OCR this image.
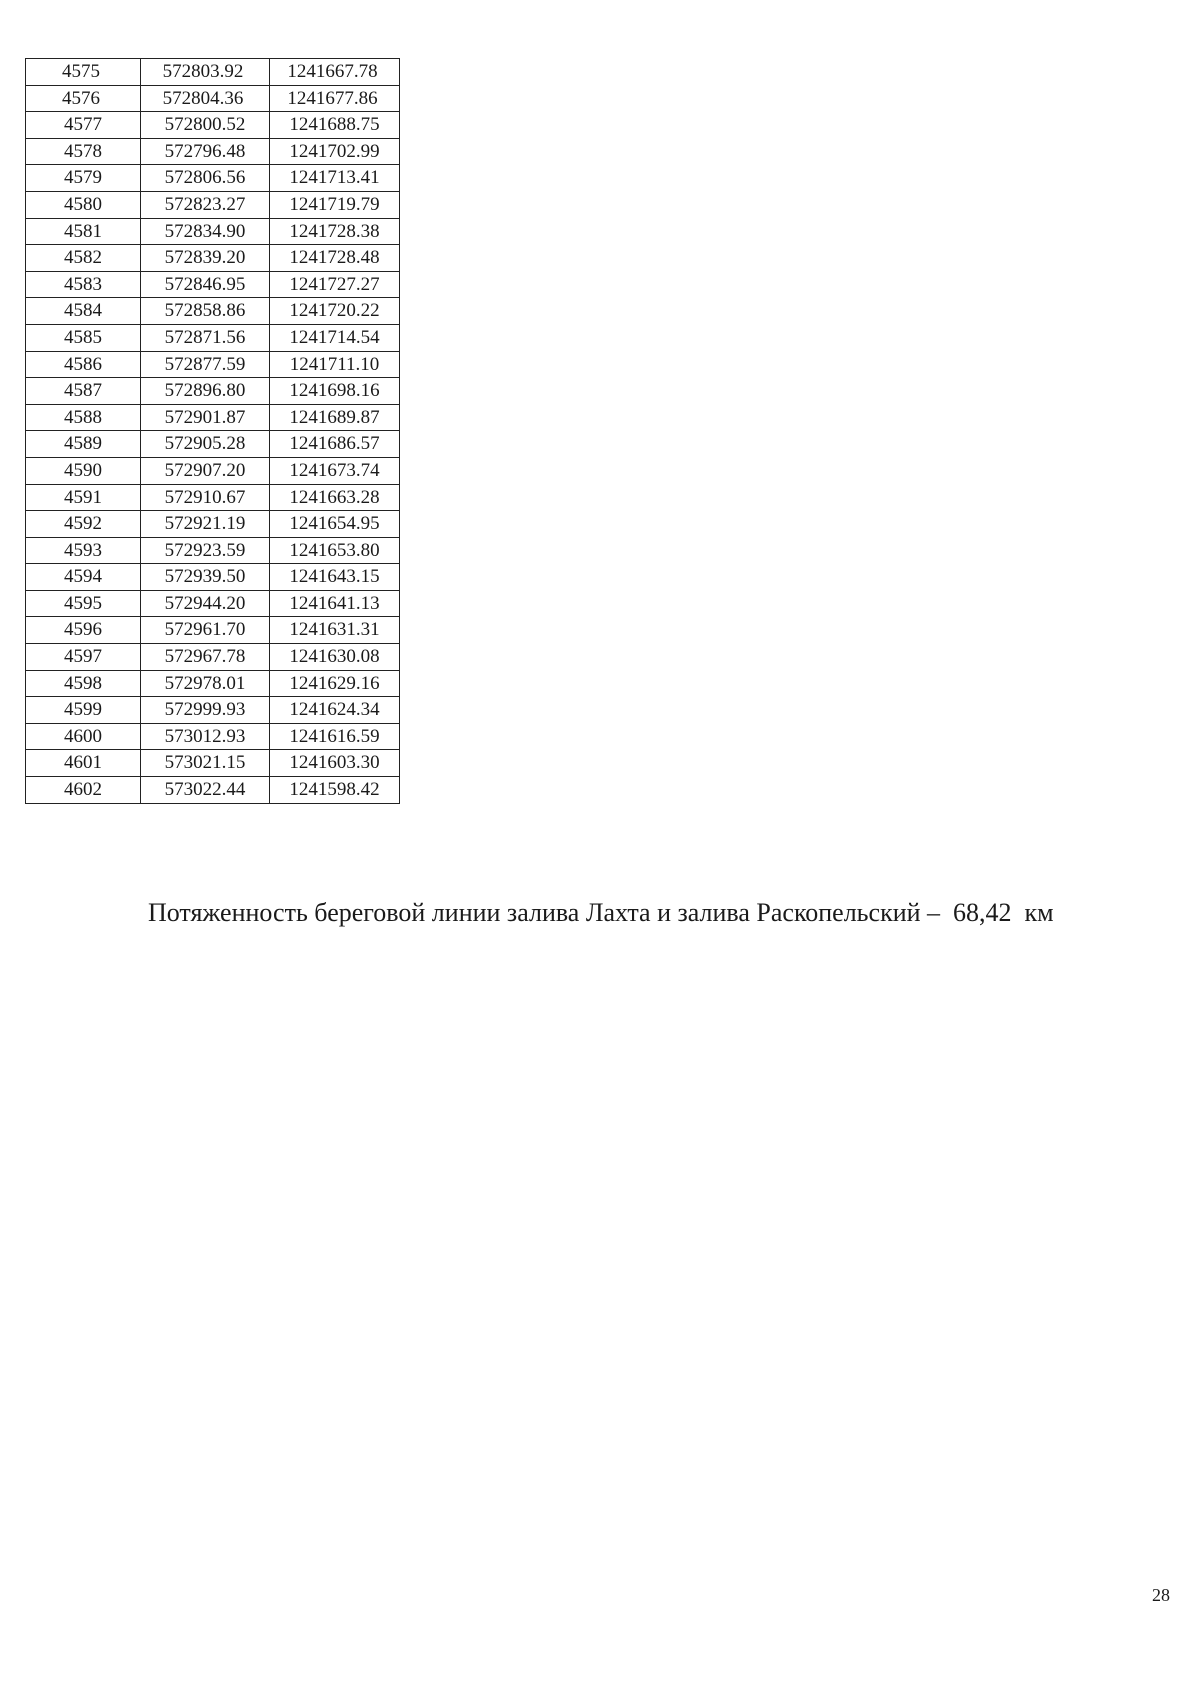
4575	572803.92	1241667.78
4576	572804.36	1241677.86
4577	572800.52	1241688.75
4578	572796.48	1241702.99
4579	572806.56	1241713.41
4580	572823.27	1241719.79
4581	572834.90	1241728.38
4582	572839.20	1241728.48
4583	572846.95	1241727.27
4584	572858.86	1241720.22
4585	572871.56	1241714.54
4586	572877.59	1241711.10
4587	572896.80	1241698.16
4588	572901.87	1241689.87
4589	572905.28	1241686.57
4590	572907.20	1241673.74
4591	572910.67	1241663.28
4592	572921.19	1241654.95
4593	572923.59	1241653.80
4594	572939.50	1241643.15
4595	572944.20	1241641.13
4596	572961.70	1241631.31
4597	572967.78	1241630.08
4598	572978.01	1241629.16
4599	572999.93	1241624.34
4600	573012.93	1241616.59
4601	573021.15	1241603.30
4602	573022.44	1241598.42

Потяженность береговой линии залива Лахта и залива Раскопельский –  68,42  км

28
